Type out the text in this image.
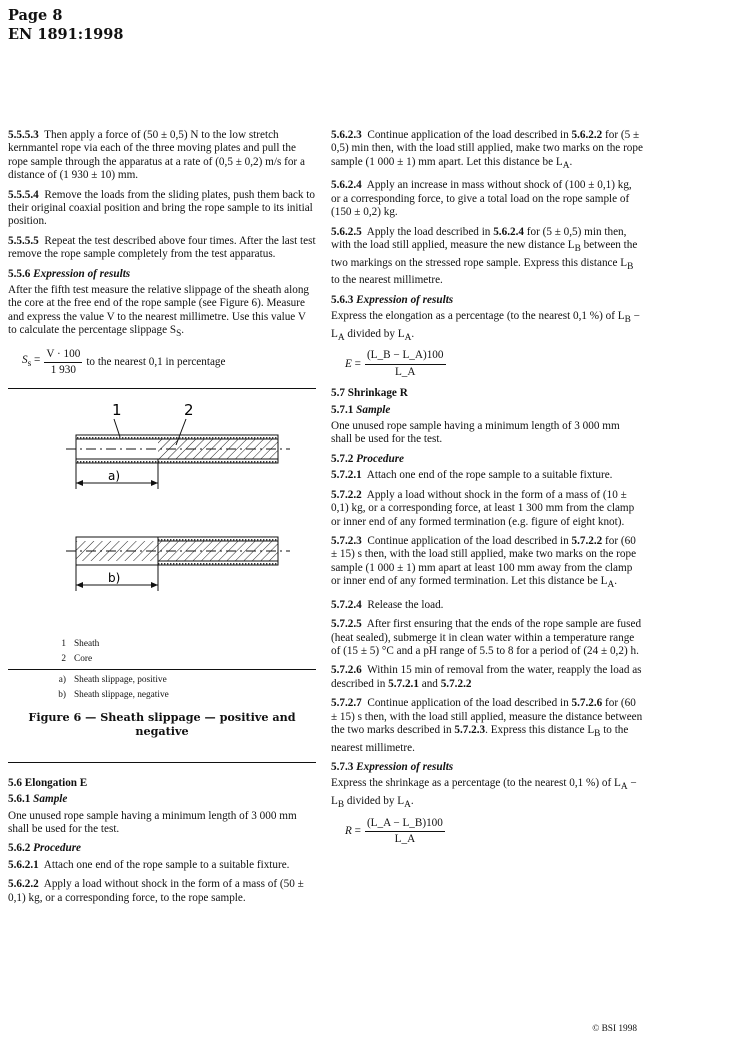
Page 8
EN 1891:1998

5.5.5.3 Then apply a force of (50 ± 0,5) N to the low stretch kernmantel rope via each of the three moving plates and pull the rope sample through the apparatus at a rate of (0,5 ± 0,2) m/s for a distance of (1 930 ± 10) mm.

5.5.5.4 Remove the loads from the sliding plates, push them back to their original coaxial position and bring the rope sample to its initial position.

5.5.5.5 Repeat the test described above four times. After the last test remove the rope sample completely from the test apparatus.

5.5.6 Expression of results

After the fifth test measure the relative slippage of the sheath along the core at the free end of the rope sample (see Figure 6). Measure and express the value V to the nearest millimetre. Use this value V to calculate the percentage slippage $S_S$.

$S_s = \frac{V \cdot 100}{1 930}$ to the nearest 0,1 in percentage
1	2
a)
b)

1 Sheath

2 Core

a) Sheath slippage, positive

b) Sheath slippage, negative

Figure 6 — Sheath slippage — positive and negative

5.6 Elongation E

5.6.1 Sample

One unused rope sample having a minimum length of 3 000 mm shall be used for the test.

5.6.2 Procedure

5.6.2.1 Attach one end of the rope sample to a suitable fixture.

5.6.2.2 Apply a load without shock in the form of a mass of (50 ± 0,1) kg, or a corresponding force, to the rope sample.

5.6.2.3 Continue application of the load described in 5.6.2.2 for (5 ± 0,5) min then, with the load still applied, make two marks on the rope sample (1 000 ± 1) mm apart. Let this distance be $L_A$.

5.6.2.4 Apply an increase in mass without shock of (100 ± 0,1) kg, or a corresponding force, to give a total load on the rope sample of (150 ± 0,2) kg.

5.6.2.5 Apply the load described in 5.6.2.4 for (5 ± 0,5) min then, with the load still applied, measure the new distance $L_B$ between the two markings on the stressed rope sample. Express this distance $L_B$ to the nearest millimetre.

5.6.3 Expression of results

Express the elongation as a percentage (to the nearest 0,1 %) of $L_B - L_A$ divided by $L_A$.

$E = \frac{(L\_B - L\_A)100}{L\_A}$

5.7 Shrinkage R

5.7.1 Sample

One unused rope sample having a minimum length of 3 000 mm shall be used for the test.

5.7.2 Procedure

5.7.2.1 Attach one end of the rope sample to a suitable fixture.

5.7.2.2 Apply a load without shock in the form of a mass of (10 ± 0,1) kg, or a corresponding force, at least 1 300 mm from the clamp or inner end of any formed termination (e.g. figure of eight knot).

5.7.2.3 Continue application of the load described in 5.7.2.2 for (60 ± 15) s then, with the load still applied, make two marks on the rope sample (1 000 ± 1) mm apart at least 100 mm away from the clamp or inner end of any formed termination. Let this distance be $L_A$.

5.7.2.4 Release the load.

5.7.2.5 After first ensuring that the ends of the rope sample are fused (heat sealed), submerge it in clean water within a temperature range of (15 ± 5) °C and a pH range of 5.5 to 8 for a period of (24 ± 0,2) h.

5.7.2.6 Within 15 min of removal from the water, reapply the load as described in 5.7.2.1 and 5.7.2.2

5.7.2.7 Continue application of the load described in 5.7.2.6 for (60 ± 15) s then, with the load still applied, measure the distance between the two marks described in 5.7.2.3. Express this distance $L_B$ to the nearest millimetre.

5.7.3 Expression of results

Express the shrinkage as a percentage (to the nearest 0,1 %) of $L_A - L_B$ divided by $L_A$.

$R = \frac{(L\_A - L\_B)100}{L\_A}$
© BSI 1998
